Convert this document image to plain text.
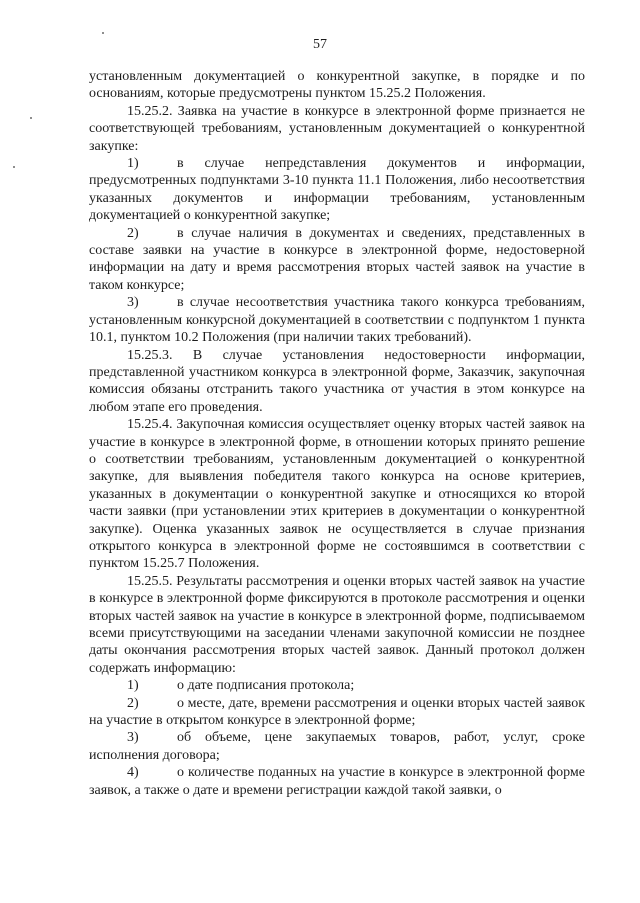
57

установленным документацией о конкурентной закупке, в порядке и по основаниям, которые предусмотрены пунктом 15.25.2 Положения.

15.25.2. Заявка на участие в конкурсе в электронной форме признается не соответствующей требованиям, установленным документацией о конкурентной закупке:

1)	в случае непредставления документов и информации, предусмотренных подпунктами 3-10 пункта 11.1 Положения, либо несоответствия указанных документов и информации требованиям, установленным документацией о конкурентной закупке;

2)	в случае наличия в документах и сведениях, представленных в составе заявки на участие в конкурсе в электронной форме, недостоверной информации на дату и время рассмотрения вторых частей заявок на участие в таком конкурсе;

3)	в случае несоответствия участника такого конкурса требованиям, установленным конкурсной документацией в соответствии с подпунктом 1 пункта 10.1, пунктом 10.2 Положения (при наличии таких требований).

15.25.3. В случае установления недостоверности информации, представленной участником конкурса в электронной форме, Заказчик, закупочная комиссия обязаны отстранить такого участника от участия в этом конкурсе на любом этапе его проведения.

15.25.4. Закупочная комиссия осуществляет оценку вторых частей заявок на участие в конкурсе в электронной форме, в отношении которых принято решение о соответствии требованиям, установленным документацией о конкурентной закупке, для выявления победителя такого конкурса на основе критериев, указанных в документации о конкурентной закупке и относящихся ко второй части заявки (при установлении этих критериев в документации о конкурентной закупке). Оценка указанных заявок не осуществляется в случае признания открытого конкурса в электронной форме не состоявшимся в соответствии с пунктом 15.25.7 Положения.

15.25.5. Результаты рассмотрения и оценки вторых частей заявок на участие в конкурсе в электронной форме фиксируются в протоколе рассмотрения и оценки вторых частей заявок на участие в конкурсе в электронной форме, подписываемом всеми присутствующими на заседании членами закупочной комиссии не позднее даты окончания рассмотрения вторых частей заявок. Данный протокол должен содержать информацию:

1)	о дате подписания протокола;

2)	о месте, дате, времени рассмотрения и оценки вторых частей заявок на участие в открытом конкурсе в электронной форме;

3)	об объеме, цене закупаемых товаров, работ, услуг, сроке исполнения договора;

4)	о количестве поданных на участие в конкурсе в электронной форме заявок, а также о дате и времени регистрации каждой такой заявки, о
